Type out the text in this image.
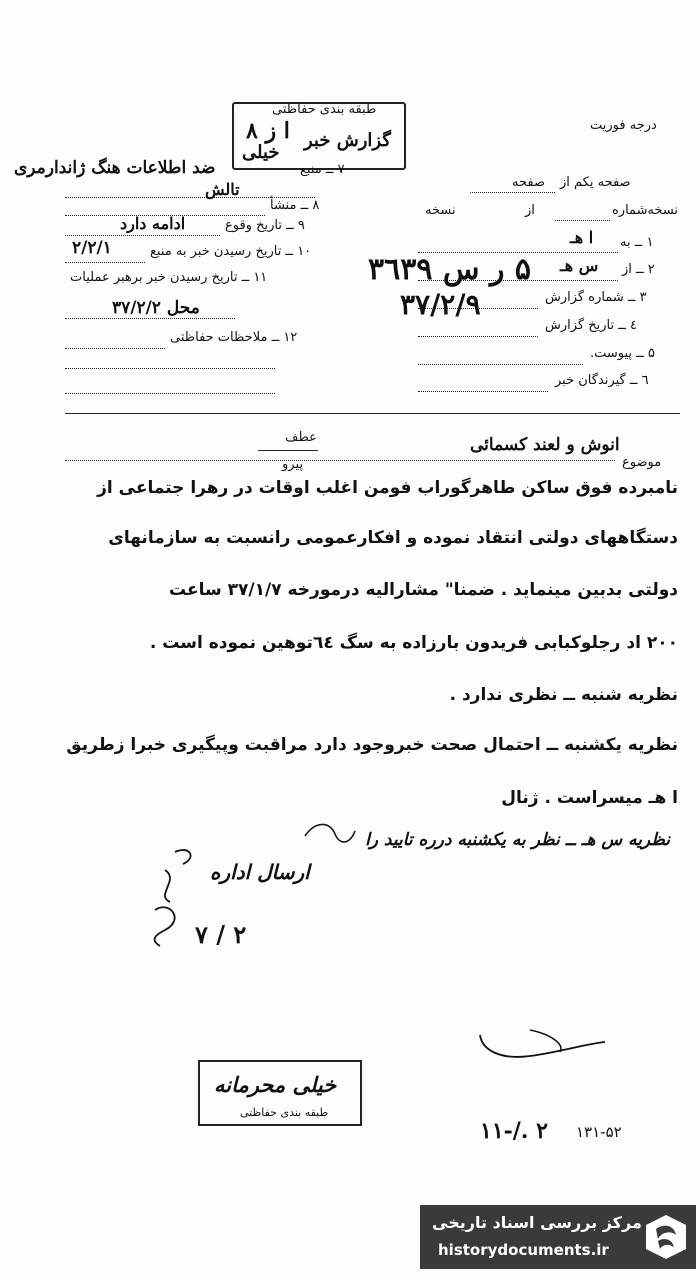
طبقه بندی حفاظتی
ا ز ۸ گزارش خبر
خیلی
درجه فوریت
صفحه یکم از
صفحه
نسخه‌شماره
از
نسخه
۱ ــ به
ا هـ
۲ ــ از
س هـ
۳ ــ شماره گزارش
٤ ــ تاریخ گزارش
۵ ــ پیوست.
٦ ــ گیرندگان خبر
۷ ــ منبع
ضد اطلاعات هنگ ژاندارمری
تالش
۸ ــ منشأ
۹ ــ تاریخ وقوع
ادامه دارد
۱۰ ــ تاریخ رسیدن خبر به منبع
۲/۲/۱
۱۱ ــ تاریخ رسیدن خبر برهبر عملیات
محل ۳۷/۲/۲
۱۲ ــ ملاحظات حفاظتی
۵ ر س ۳٦۳۹
۳۷/۲/۹
موضوع
انوش و لعند کسمائی
عطف
پیرو
نامبرده فوق ساکن طاهرگوراب فومن اغلب اوقات در رهرا جتماعی از
دستگاههای دولتی انتقاد نموده و افکارعمومی رانسبت به سازمانهای
دولتی بدبین مینماید . ضمنا" مشارالیه درمورخه ۳۷/۱/۷ ساعت
۲۰۰ اد رجلوکبابی فریدون بارزاده به سگ ٦٤توهین نموده است .
نظریه شنبه ــ نظری ندارد .
نظریه یکشنبه ــ احتمال صحت خبروجود دارد مراقبت وپیگیری خبرا زطریق
ا هـ میسراست . ژنال
نظریه س هـ ــ نظر به یکشنبه درره تایید را
ارسال اداره
۷ / ۲
خیلی محرمانه
طبقه بندی حفاظتی
۱۳۱-۵۲
۱۱-/. ۲
مرکز بررسی اسناد تاریخی
historydocuments.ir
